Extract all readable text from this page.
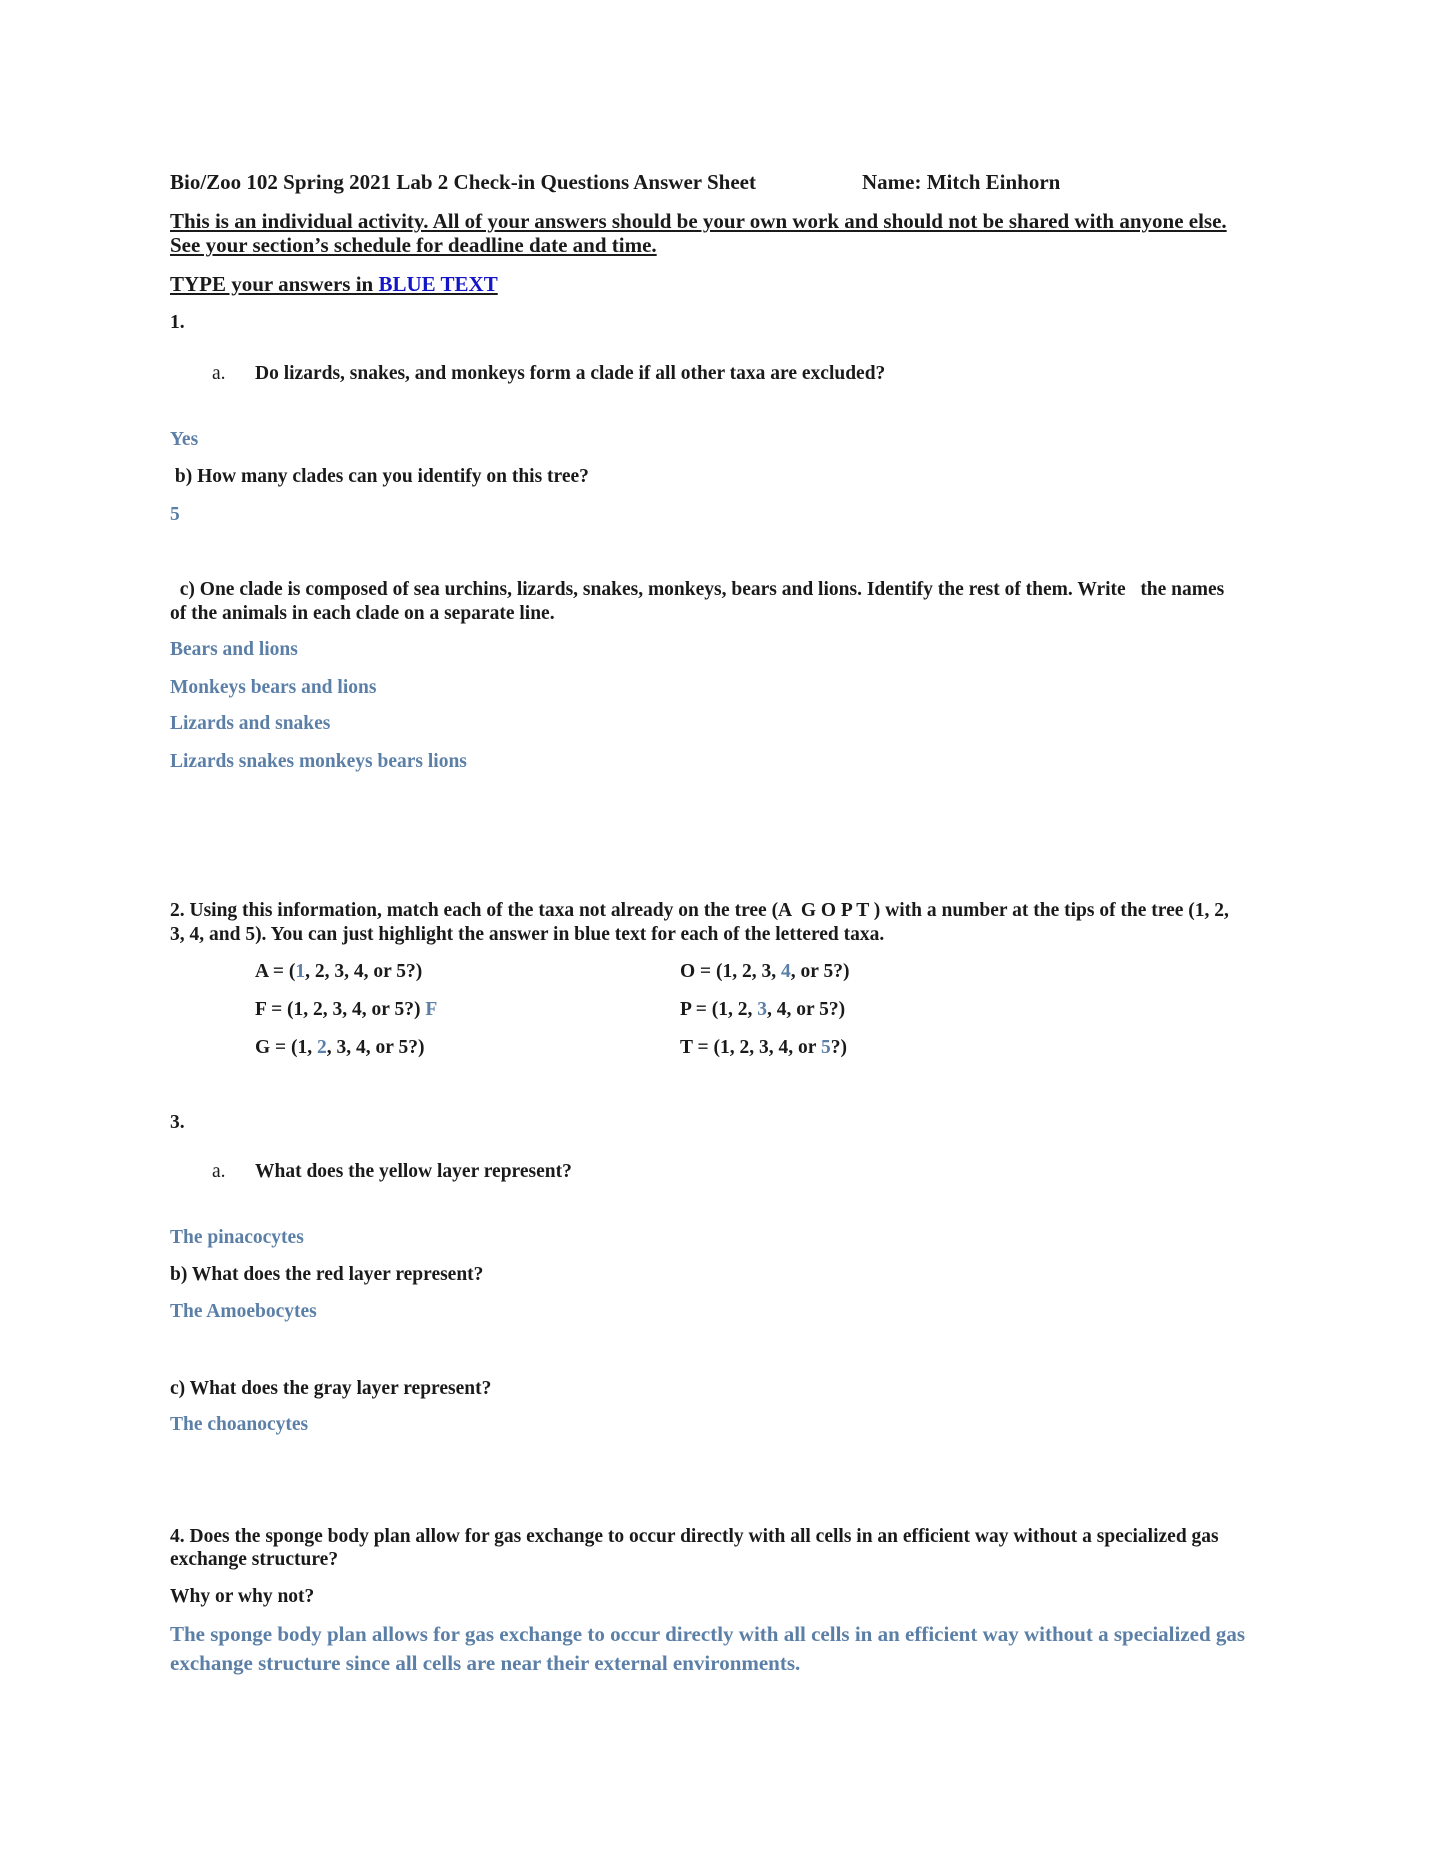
Bio/Zoo 102 Spring 2021 Lab 2 Check-in Questions Answer Sheet	Name: Mitch Einhorn
This is an individual activity. All of your answers should be your own work and should not be shared with anyone else.
See your section’s schedule for deadline date and time.
TYPE your answers in BLUE TEXT
1.
a. Do lizards, snakes, and monkeys form a clade if all other taxa are excluded?
Yes
b) How many clades can you identify on this tree?
5
c) One clade is composed of sea urchins, lizards, snakes, monkeys, bears and lions. Identify the rest of them. Write   the names
of the animals in each clade on a separate line.
Bears and lions
Monkeys bears and lions
Lizards and snakes
Lizards snakes monkeys bears lions
2. Using this information, match each of the taxa not already on the tree (A  G O P T ) with a number at the tips of the tree (1, 2,
3, 4, and 5). You can just highlight the answer in blue text for each of the lettered taxa.
A = (1, 2, 3, 4, or 5?)
F = (1, 2, 3, 4, or 5?) F
G = (1, 2, 3, 4, or 5?)
O = (1, 2, 3, 4, or 5?)
P = (1, 2, 3, 4, or 5?)
T = (1, 2, 3, 4, or 5?)
3.
a. What does the yellow layer represent?
The pinacocytes
b) What does the red layer represent?
The Amoebocytes
c) What does the gray layer represent?
The choanocytes
4. Does the sponge body plan allow for gas exchange to occur directly with all cells in an efficient way without a specialized gas
exchange structure?
Why or why not?
The sponge body plan allows for gas exchange to occur directly with all cells in an efficient way without a specialized gas exchange structure since all cells are near their external environments.
